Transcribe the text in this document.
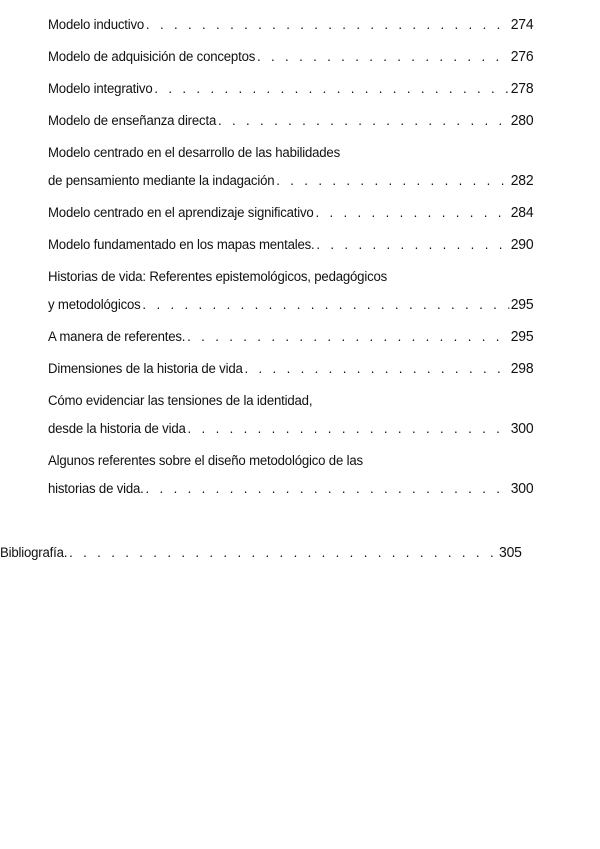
Modelo inductivo . . .	274
Modelo de adquisición de conceptos . . .	276
Modelo integrativo . . .	278
Modelo de enseñanza directa . . .	280
Modelo centrado en el desarrollo de las habilidades
de pensamiento mediante la indagación . . .	282
Modelo centrado en el aprendizaje significativo . . .	284
Modelo fundamentado en los mapas mentales. . . .	290
Historias de vida: Referentes epistemológicos, pedagógicos
y metodológicos . . .	295
A manera de referentes. . . .	295
Dimensiones de la historia de vida . . .	298
Cómo evidenciar las tensiones de la identidad,
desde la historia de vida . . .	300
Algunos referentes sobre el diseño metodológico de las
historias de vida. . . .	300
Bibliografía. . . .	305
